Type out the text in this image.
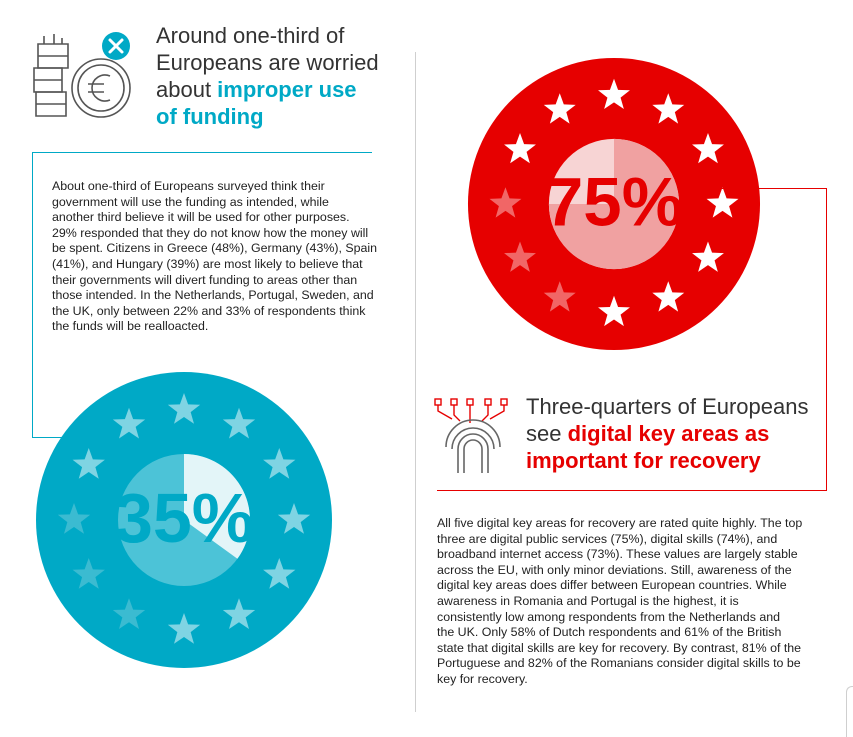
Around one-third of
Europeans are worried
about improper use
of funding
About one-third of Europeans surveyed think their
government will use the funding as intended, while
another third believe it will be used for other purposes.
29% responded that they do not know how the money will
be spent. Citizens in Greece (48%), Germany (43%), Spain
(41%), and Hungary (39%) are most likely to believe that
their governments will divert funding to areas other than
those intended. In the Netherlands, Portugal, Sweden, and
the UK, only between 22% and 33% of respondents think
the funds will be realloacted.
35%
75%
Three-quarters of Europeans
see digital key areas as
important for recovery
All five digital key areas for recovery are rated quite highly. The top
three are digital public services (75%), digital skills (74%), and
broadband internet access (73%). These values are largely stable
across the EU, with only minor deviations. Still, awareness of the
digital key areas does differ between European countries. While
awareness in Romania and Portugal is the highest, it is
consistently low among respondents from the Netherlands and
the UK. Only 58% of Dutch respondents and 61% of the British
state that digital skills are key for recovery. By contrast, 81% of the
Portuguese and 82% of the Romanians consider digital skills to be
key for recovery.
